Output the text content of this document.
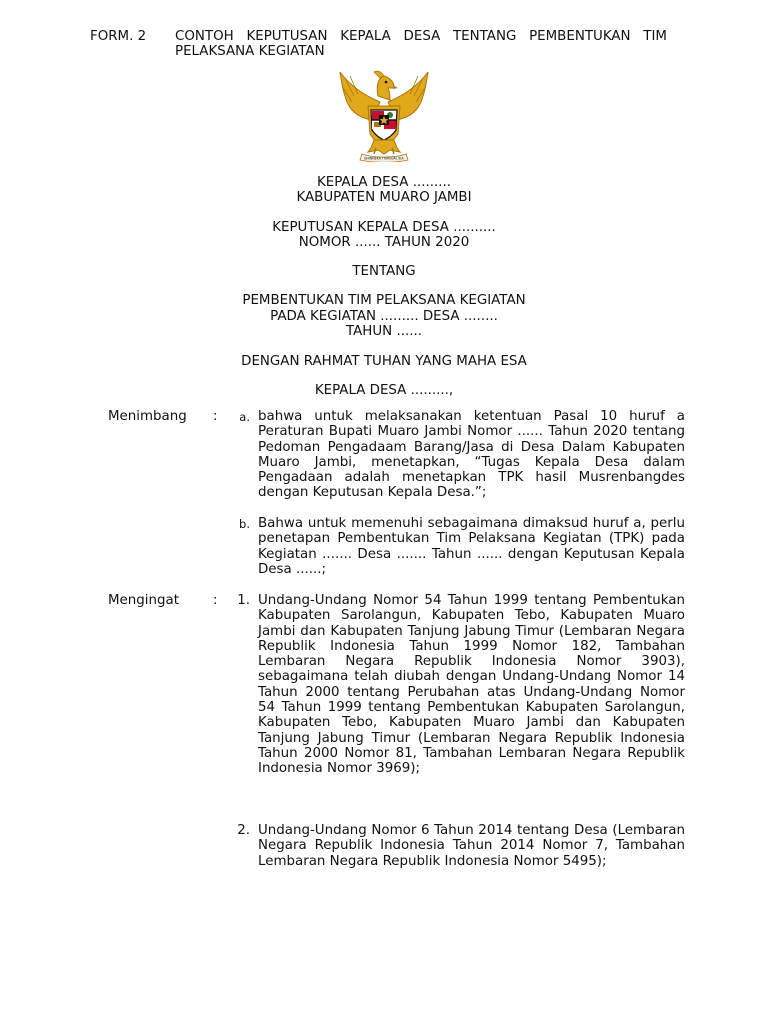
FORM. 2 CONTOH KEPUTUSAN KEPALA DESA TENTANG PEMBENTUKAN TIM PELAKSANA KEGIATAN
BHINNEKA TUNGGAL IKA
KEPALA DESA .........
KABUPATEN MUARO JAMBI
KEPUTUSAN KEPALA DESA ..........
NOMOR ...... TAHUN 2020
TENTANG
PEMBENTUKAN TIM PELAKSANA KEGIATAN
PADA KEGIATAN ......... DESA ........
TAHUN ......
DENGAN RAHMAT TUHAN YANG MAHA ESA
KEPALA DESA .........,
Menimbang :	a. bahwa untuk melaksanakan ketentuan Pasal 10 huruf a Peraturan Bupati Muaro Jambi Nomor ...... Tahun 2020 tentang Pedoman Pengadaam Barang/Jasa di Desa Dalam Kabupaten Muaro Jambi, menetapkan, “Tugas Kepala Desa dalam Pengadaan adalah menetapkan TPK hasil Musrenbangdes dengan Keputusan Kepala Desa.”;
b. Bahwa untuk memenuhi sebagaimana dimaksud huruf a, perlu penetapan Pembentukan Tim Pelaksana Kegiatan (TPK) pada Kegiatan ....... Desa ....... Tahun ...... dengan Keputusan Kepala Desa ......;
Mengingat	:	1. Undang-Undang Nomor 54 Tahun 1999 tentang Pembentukan Kabupaten Sarolangun, Kabupaten Tebo, Kabupaten Muaro Jambi dan Kabupaten Tanjung Jabung Timur (Lembaran Negara Republik Indonesia Tahun 1999 Nomor 182, Tambahan Lembaran Negara Republik Indonesia Nomor 3903), sebagaimana telah diubah dengan Undang-Undang Nomor 14 Tahun 2000 tentang Perubahan atas Undang-Undang Nomor 54 Tahun 1999 tentang Pembentukan Kabupaten Sarolangun, Kabupaten Tebo, Kabupaten Muaro Jambi dan Kabupaten Tanjung Jabung Timur (Lembaran Negara Republik Indonesia Tahun 2000 Nomor 81, Tambahan Lembaran Negara Republik Indonesia Nomor 3969);
2. Undang-Undang Nomor 6 Tahun 2014 tentang Desa (Lembaran Negara Republik Indonesia Tahun 2014 Nomor 7, Tambahan Lembaran Negara Republik Indonesia Nomor 5495);
